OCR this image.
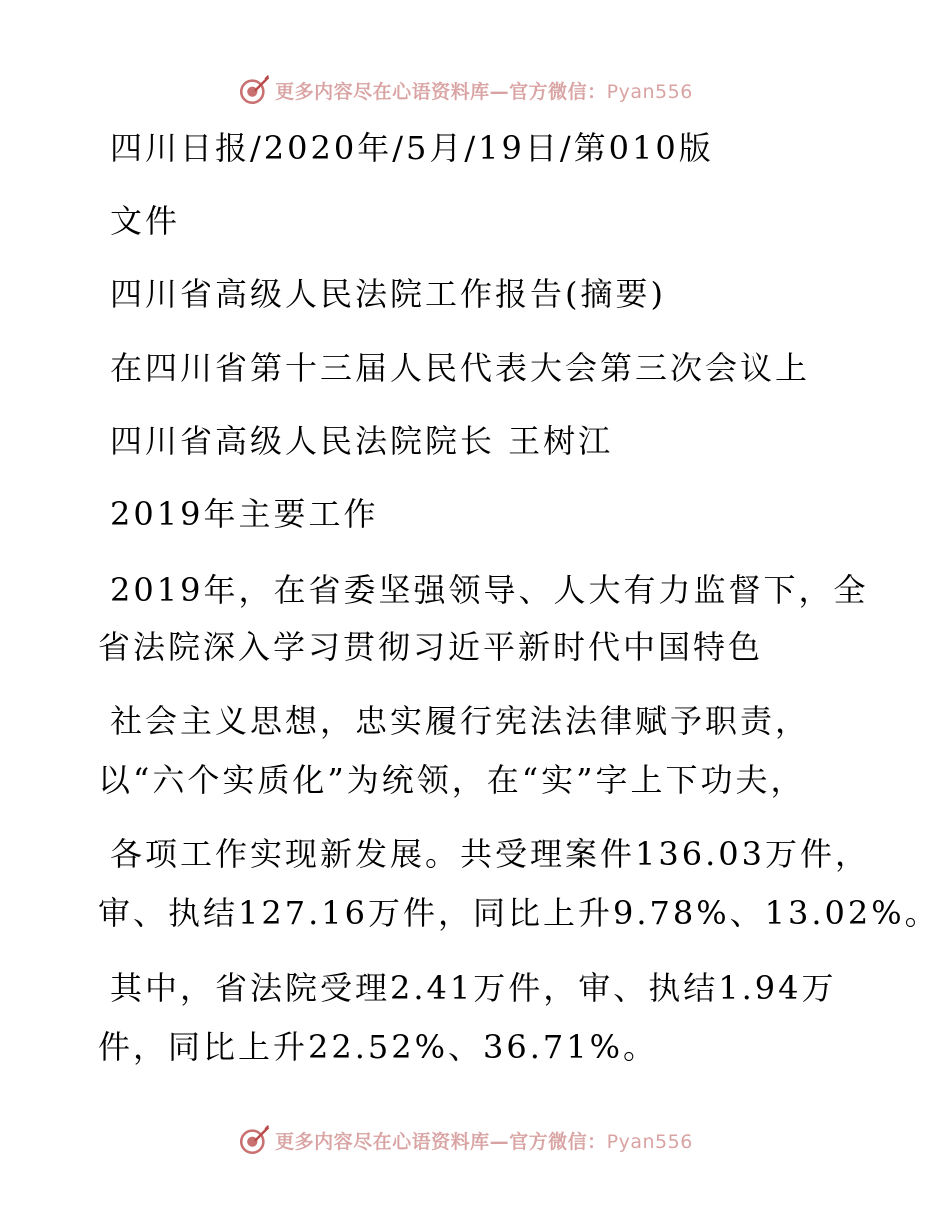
更多内容尽在心语资料库—官方微信：Pyan556
四川日报/2020年/5月/19日/第010版
文件
四川省高级人民法院工作报告(摘要)
在四川省第十三届人民代表大会第三次会议上
四川省高级人民法院院长 王树江
2019年主要工作
2019年，在省委坚强领导、人大有力监督下，全
省法院深入学习贯彻习近平新时代中国特色
社会主义思想，忠实履行宪法法律赋予职责，
以“六个实质化”为统领，在“实”字上下功夫，
各项工作实现新发展。共受理案件136.03万件，
审、执结127.16万件，同比上升9.78%、13.02%。
其中，省法院受理2.41万件，审、执结1.94万
件，同比上升22.52%、36.71%。
更多内容尽在心语资料库—官方微信：Pyan556
